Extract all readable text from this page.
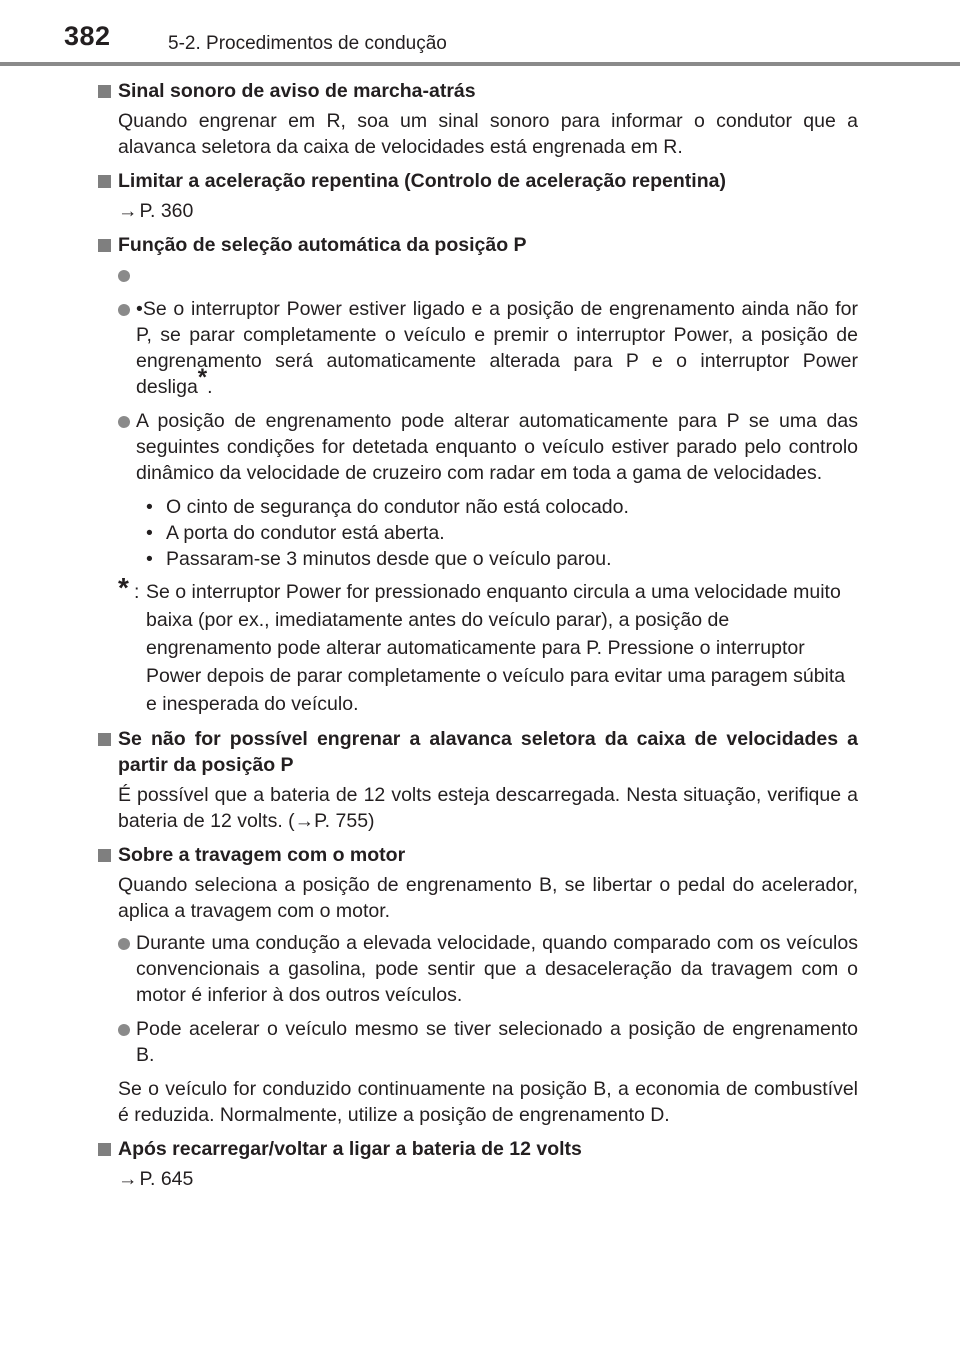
382	5-2. Procedimentos de condução
Sinal sonoro de aviso de marcha-atrás
Quando engrenar em R, soa um sinal sonoro para informar o condutor que a alavanca seletora da caixa de velocidades está engrenada em R.
Limitar a aceleração repentina (Controlo de aceleração repentina)
→ P. 360
Função de seleção automática da posição P
•Se o interruptor Power estiver ligado e a posição de engrenamento ainda não for P, se parar completamente o veículo e premir o interruptor Power, a posição de engrenamento será automaticamente alterada para P e o interruptor Power desliga*.
A posição de engrenamento pode alterar automaticamente para P se uma das seguintes condições for detetada enquanto o veículo estiver parado pelo controlo dinâmico da velocidade de cruzeiro com radar em toda a gama de velocidades.
• O cinto de segurança do condutor não está colocado.
• A porta do condutor está aberta.
• Passaram-se 3 minutos desde que o veículo parou.
* : Se o interruptor Power for pressionado enquanto circula a uma velocidade muito baixa (por ex., imediatamente antes do veículo parar), a posição de engrenamento pode alterar automaticamente para P. Pressione o interruptor Power depois de parar completamente o veículo para evitar uma paragem súbita e inesperada do veículo.
Se não for possível engrenar a alavanca seletora da caixa de velocidades a partir da posição P
É possível que a bateria de 12 volts esteja descarregada. Nesta situação, verifique a bateria de 12 volts. (→P. 755)
Sobre a travagem com o motor
Quando seleciona a posição de engrenamento B, se libertar o pedal do acelerador, aplica a travagem com o motor.
Durante uma condução a elevada velocidade, quando comparado com os veículos convencionais a gasolina, pode sentir que a desaceleração da travagem com o motor é inferior à dos outros veículos.
Pode acelerar o veículo mesmo se tiver selecionado a posição de engrenamento B.
Se o veículo for conduzido continuamente na posição B, a economia de combustível é reduzida. Normalmente, utilize a posição de engrenamento D.
Após recarregar/voltar a ligar a bateria de 12 volts
→ P. 645
